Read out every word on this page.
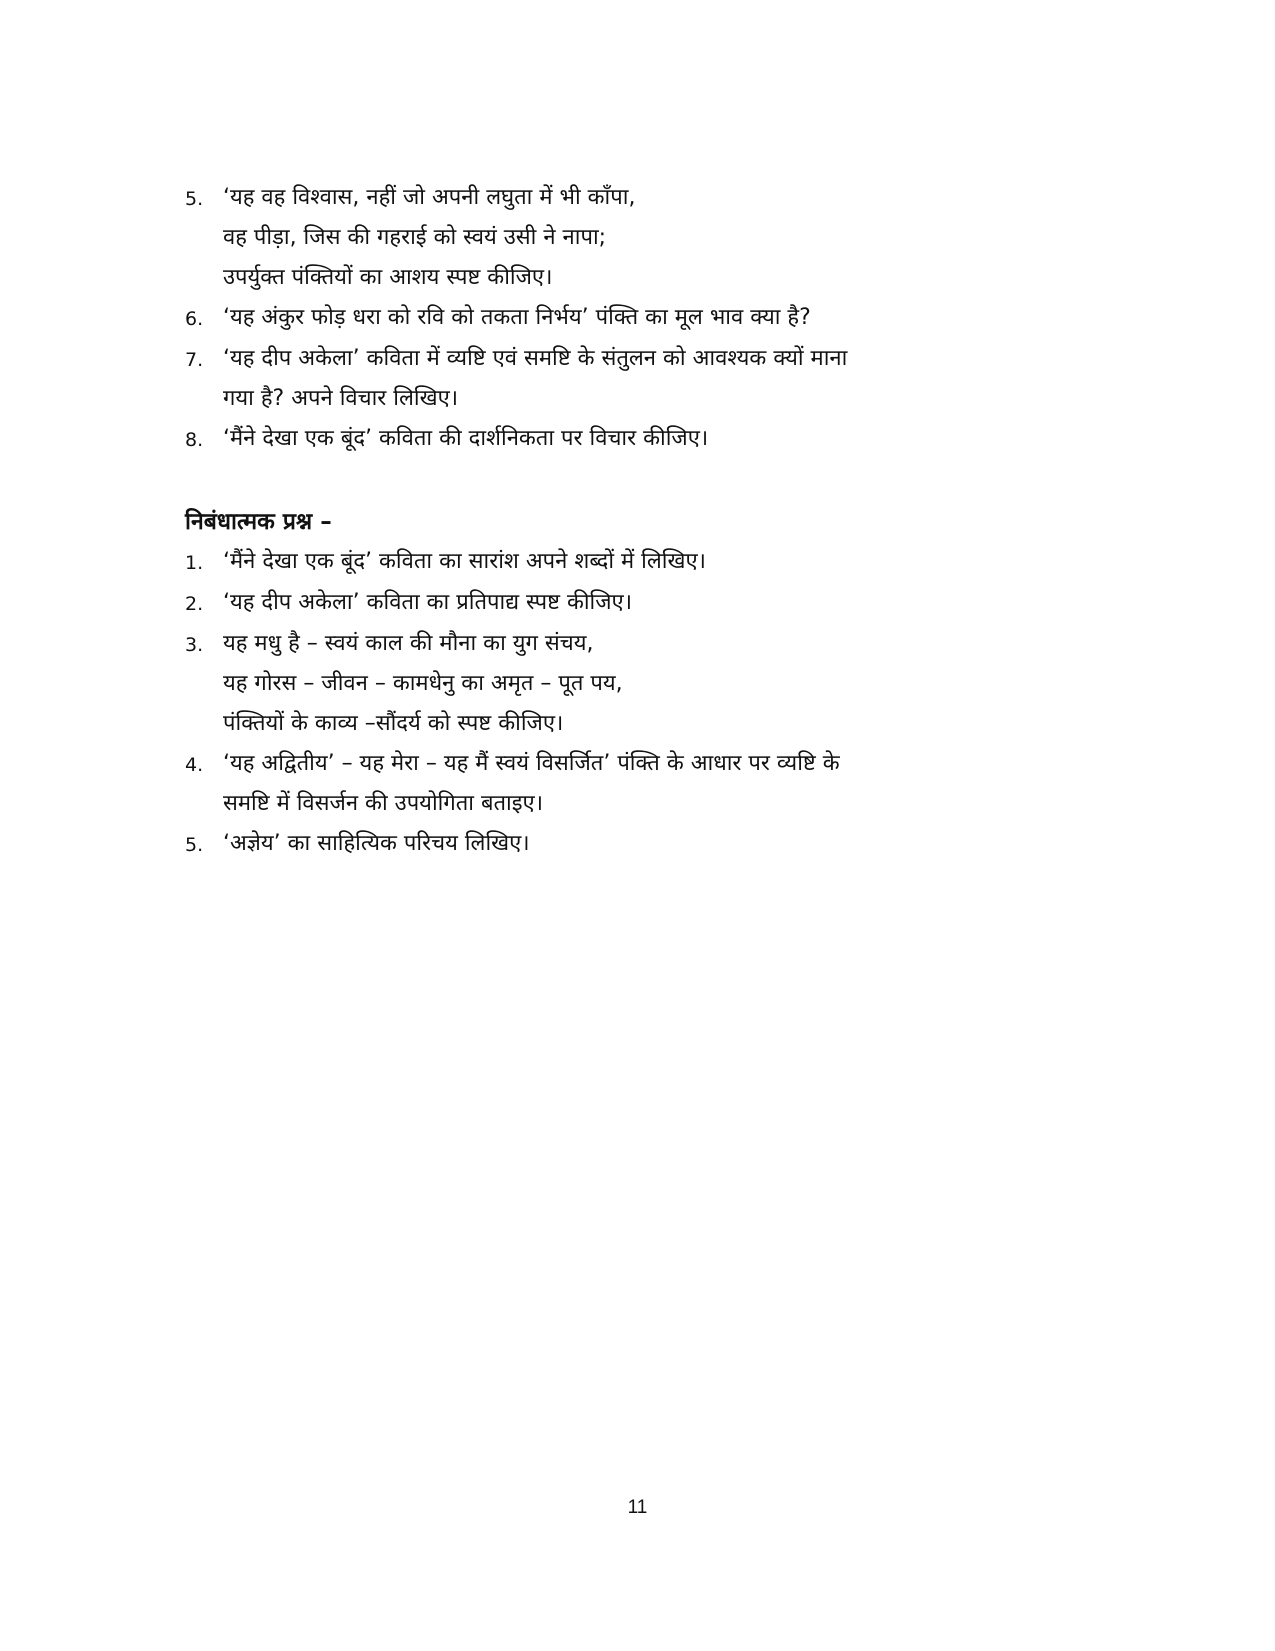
5. ‘यह वह विश्वास, नहीं जो अपनी लघुता में भी काँपा,
वह पीड़ा, जिस की गहराई को स्वयं उसी ने नापा;
उपर्युक्त पंक्तियों का आशय स्पष्ट कीजिए।
6. ‘यह अंकुर फोड़ धरा को रवि को तकता निर्भय’ पंक्ति का मूल भाव क्या है?
7. ‘यह दीप अकेला’ कविता में व्यष्टि एवं समष्टि के संतुलन को आवश्यक क्यों माना
गया है? अपने विचार लिखिए।
8. ‘मैंने देखा एक बूंद’ कविता की दार्शनिकता पर विचार कीजिए।
निबंधात्मक प्रश्न –
1. ‘मैंने देखा एक बूंद’ कविता का सारांश अपने शब्दों में लिखिए।
2. ‘यह दीप अकेला’ कविता का प्रतिपाद्य स्पष्ट कीजिए।
3. यह मधु है – स्वयं काल की मौना का युग संचय,
यह गोरस – जीवन – कामधेनु का अमृत – पूत पय,
पंक्तियों के काव्य –सौंदर्य को स्पष्ट कीजिए।
4. ‘यह अद्वितीय’ – यह मेरा – यह मैं स्वयं विसर्जित’ पंक्ति के आधार पर व्यष्टि के
समष्टि में विसर्जन की उपयोगिता बताइए।
5. ‘अज्ञेय’ का साहित्यिक परिचय लिखिए।
11
